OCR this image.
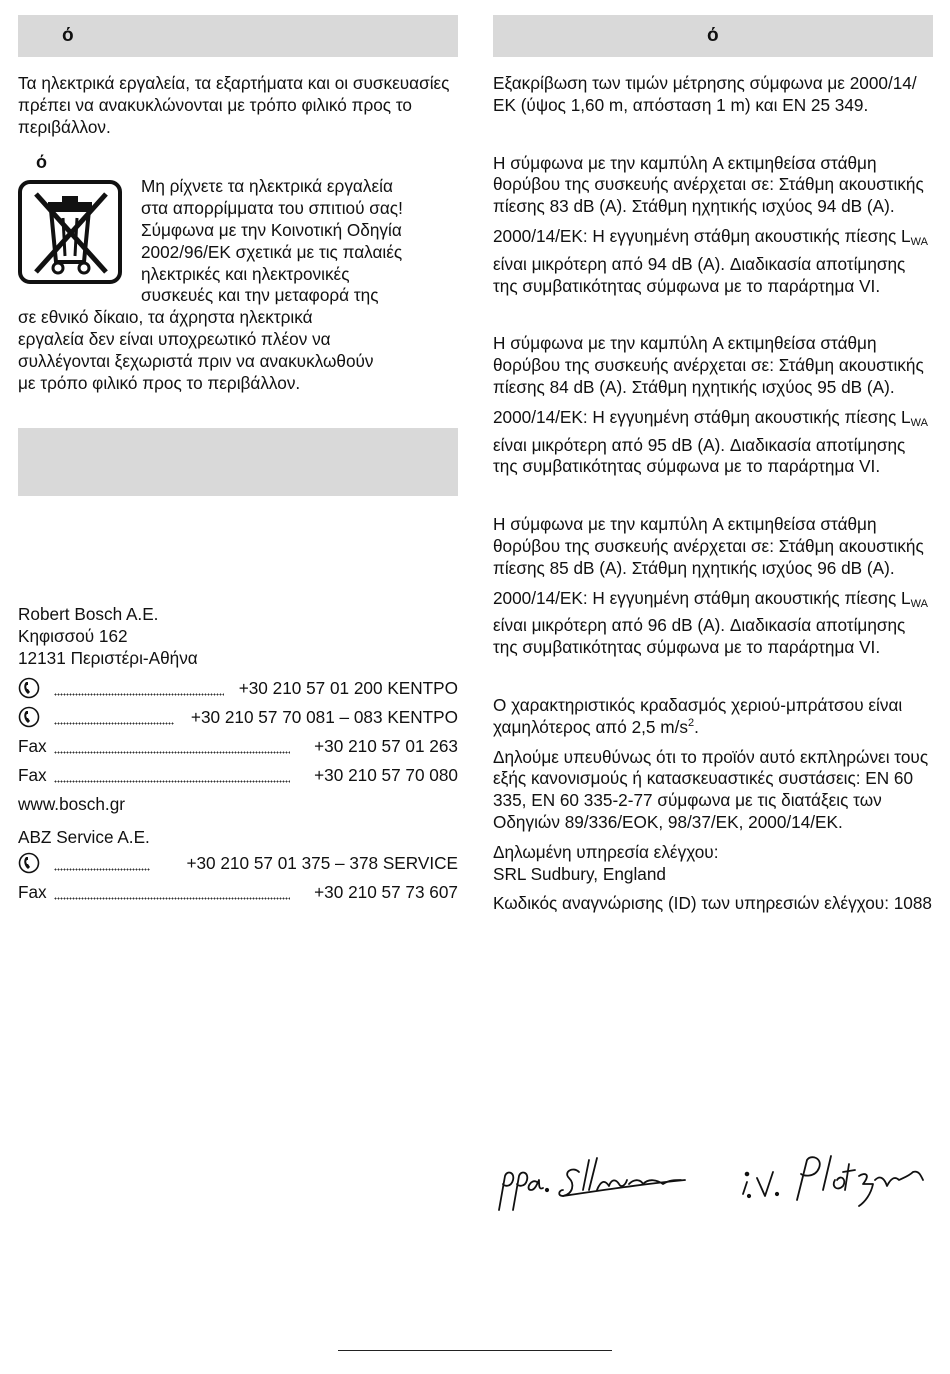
ό

Τα ηλεκτρικά εργαλεία, τα εξαρτήματα και οι συσκευασίες πρέπει να ανακυκλώνονται με τρόπο φιλικό προς το περιβάλλον.

ό
Μη ρίχνετε τα ηλεκτρικά εργαλεία
στα απορρίμματα του σπιτιού σας!
Σύμφωνα με την Κοινοτική Οδηγία
2002/96/ΕΚ σχετικά με τις παλαιές
ηλεκτρικές και ηλεκτρονικές
συσκευές και την μεταφορά της
σε εθνικό δίκαιο, τα άχρηστα ηλεκτρικά
εργαλεία δεν είναι υποχρεωτικό πλέον να
συλλέγονται ξεχωριστά πριν να ανακυκλωθούν
με τρόπο φιλικό προς το περιβάλλον.
Robert Bosch A.E.
Κηφισσού 162
12131 Περιστέρι-Αθήνα
+30 210 57 01 200 ΚΕΝΤΡΟ
+30 210 57 70 081 – 083 ΚΕΝΤΡΟ
Fax	+30 210 57 01 263
Fax	+30 210 57 70 080
www.bosch.gr
ABZ Service A.E.
+30 210 57 01 375 – 378 SERVICE
Fax	+30 210 57 73 607
ό

Εξακρίβωση των τιμών μέτρησης σύμφωνα με 2000/14/ΕΚ (ύψος 1,60 m, απόσταση 1 m) και EN 25 349.

Η σύμφωνα με την καμπύλη A εκτιμηθείσα στάθμη θορύβου της συσκευής ανέρχεται σε: Στάθμη ακουστικής πίεσης 83 dB (A). Στάθμη ηχητικής ισχύος 94 dB (A).

2000/14/ΕΚ: Η εγγυημένη στάθμη ακουστικής πίεσης $L_{WA}$ είναι μικρότερη από 94 dB (A). Διαδικασία αποτίμησης της συμβατικότητας σύμφωνα με το παράρτημα VI.

Η σύμφωνα με την καμπύλη A εκτιμηθείσα στάθμη θορύβου της συσκευής ανέρχεται σε: Στάθμη ακουστικής πίεσης 84 dB (A). Στάθμη ηχητικής ισχύος 95 dB (A).

2000/14/ΕΚ: Η εγγυημένη στάθμη ακουστικής πίεσης $L_{WA}$ είναι μικρότερη από 95 dB (A). Διαδικασία αποτίμησης της συμβατικότητας σύμφωνα με το παράρτημα VI.

Η σύμφωνα με την καμπύλη A εκτιμηθείσα στάθμη θορύβου της συσκευής ανέρχεται σε: Στάθμη ακουστικής πίεσης 85 dB (A). Στάθμη ηχητικής ισχύος 96 dB (A).

2000/14/ΕΚ: Η εγγυημένη στάθμη ακουστικής πίεσης $L_{WA}$ είναι μικρότερη από 96 dB (A). Διαδικασία αποτίμησης της συμβατικότητας σύμφωνα με το παράρτημα VI.

Ο χαρακτηριστικός κραδασμός χεριού-μπράτσου είναι χαμηλότερος από 2,5 $m/s^2$.

Δηλούμε υπευθύνως ότι το προϊόν αυτό εκπληρώνει τους εξής κανονισμούς ή κατασκευαστικές συστάσεις: EN 60 335, EN 60 335-2-77 σύμφωνα με τις διατάξεις των Οδηγιών 89/336/ΕΟΚ, 98/37/ΕΚ, 2000/14/ΕΚ.

Δηλωμένη υπηρεσία ελέγχου:
SRL Sudbury, England

Κωδικός αναγνώρισης (ID) των υπηρεσιών ελέγχου: 1088
